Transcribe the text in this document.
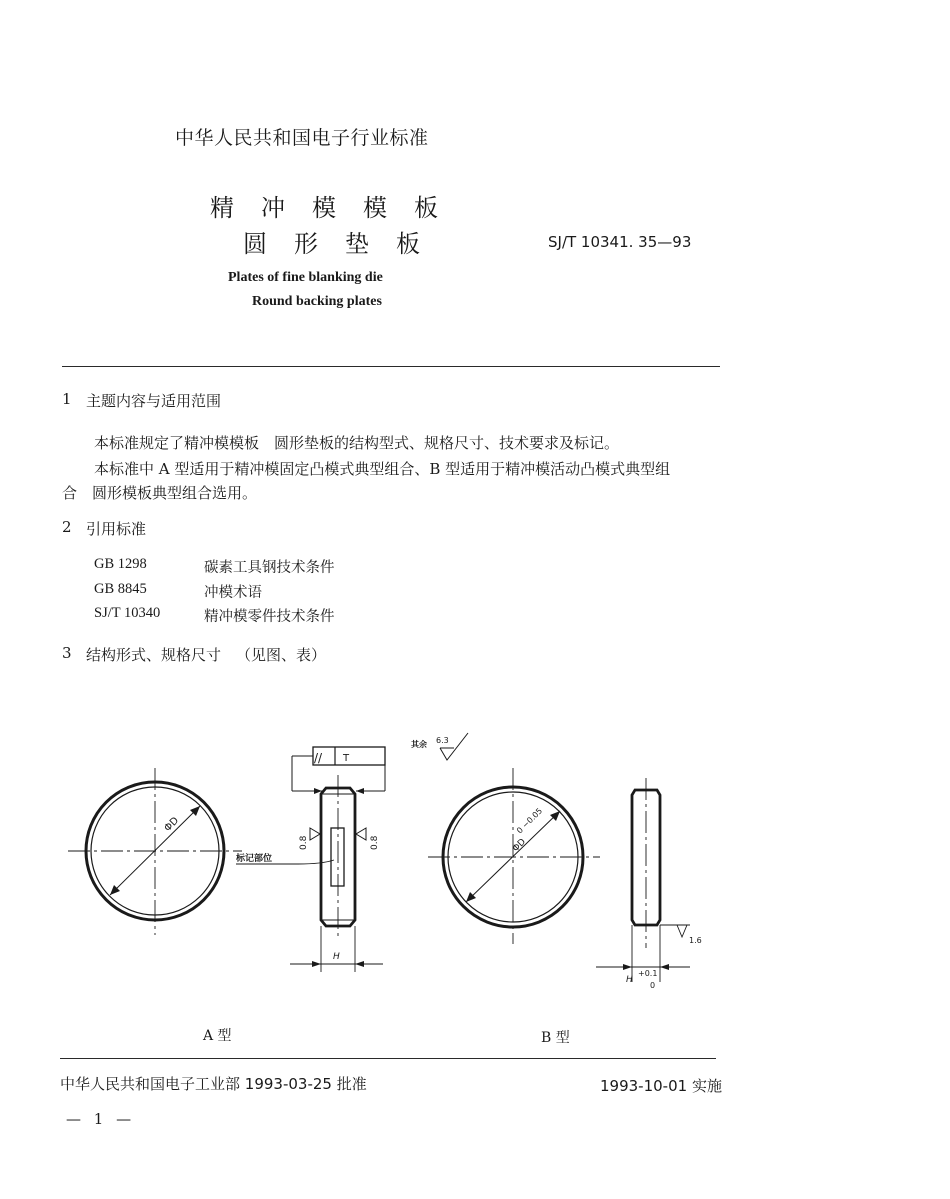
中华人民共和国电子行业标准
精冲模模板
圆形垫板	SJ/T 10341. 35—93
Plates of fine blanking die
Round backing plates
1 主题内容与适用范围
本标准规定了精冲模模板　圆形垫板的结构型式、规格尺寸、技术要求及标记。
本标准中 A 型适用于精冲模固定凸模式典型组合、B 型适用于精冲模活动凸模式典型组
合　圆形模板典型组合选用。
2 引用标准
GB 1298	碳素工具钢技术条件
GB 8845	冲模术语
SJ/T 10340	精冲模零件技术条件
3 结构形式、规格尺寸 （见图、表）
ΦD
// T
0.8	0.8
标记部位
H
其余 6.3
ΦD
0 −0.05
1.6
H
+0.1
0
A 型	B 型
中华人民共和国电子工业部 1993-03-25 批准	1993-10-01 实施
— 1 —
